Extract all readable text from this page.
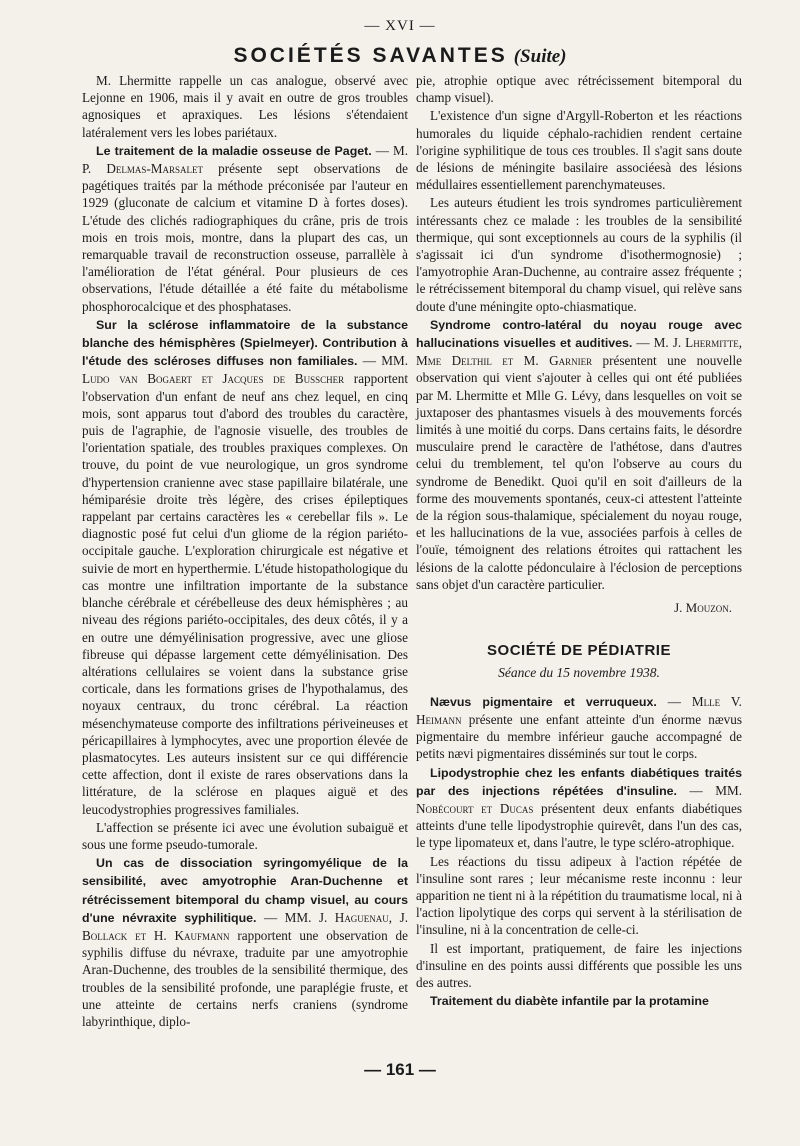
— XVI —
SOCIÉTÉS SAVANTES (Suite)

M. Lhermitte rappelle un cas analogue, observé avec Lejonne en 1906, mais il y avait en outre de gros troubles agnosiques et apraxiques. Les lésions s'étendaient latéralement vers les lobes pariétaux.

Le traitement de la maladie osseuse de Paget. — M. P. Delmas-Marsalet présente sept observations de pagétiques traités par la méthode préconisée par l'auteur en 1929 (gluconate de calcium et vitamine D à fortes doses). L'étude des clichés radiographiques du crâne, pris de trois mois en trois mois, montre, dans la plupart des cas, un remarquable travail de reconstruction osseuse, parrallèle à l'amélioration de l'état général. Pour plusieurs de ces observations, l'étude détaillée a été faite du métabolisme phosphorocalcique et des phosphatases.

Sur la sclérose inflammatoire de la substance blanche des hémisphères (Spielmeyer). Contribution à l'étude des scléroses diffuses non familiales. — MM. Ludo van Bogaert et Jacques de Busscher rapportent l'observation d'un enfant de neuf ans chez lequel, en cinq mois, sont apparus tout d'abord des troubles du caractère, puis de l'agraphie, de l'agnosie visuelle, des troubles de l'orientation spatiale, des troubles praxiques complexes. On trouve, du point de vue neurologique, un gros syndrome d'hypertension cranienne avec stase papillaire bilatérale, une hémiparésie droite très légère, des crises épileptiques rappelant par certains caractères les « cerebellar fils ». Le diagnostic posé fut celui d'un gliome de la région pariéto-occipitale gauche. L'exploration chirurgicale est négative et suivie de mort en hyperthermie. L'étude histopathologique du cas montre une infiltration importante de la substance blanche cérébrale et cérébelleuse des deux hémisphères ; au niveau des régions pariéto-occipitales, des deux côtés, il y a en outre une démyélinisation progressive, avec une gliose fibreuse qui dépasse largement cette démyélinisation. Des altérations cellulaires se voient dans la substance grise corticale, dans les formations grises de l'hypothalamus, des noyaux centraux, du tronc cérébral. La réaction mésenchymateuse comporte des infiltrations périveineuses et péricapillaires à lymphocytes, avec une proportion élevée de plasmatocytes. Les auteurs insistent sur ce qui différencie cette affection, dont il existe de rares observations dans la littérature, de la sclérose en plaques aiguë et des leucodystrophies progressives familiales.

L'affection se présente ici avec une évolution subaiguë et sous une forme pseudo-tumorale.

Un cas de dissociation syringomyélique de la sensibilité, avec amyotrophie Aran-Duchenne et rétrécissement bitemporal du champ visuel, au cours d'une névraxite syphilitique. — MM. J. Haguenau, J. Bollack et H. Kaufmann rapportent une observation de syphilis diffuse du névraxe, traduite par une amyotrophie Aran-Duchenne, des troubles de la sensibilité thermique, des troubles de la sensibilité profonde, une paraplégie fruste, et une atteinte de certains nerfs craniens (syndrome labyrinthique, diplo-

pie, atrophie optique avec rétrécissement bitemporal du champ visuel).

L'existence d'un signe d'Argyll-Roberton et les réactions humorales du liquide céphalo-rachidien rendent certaine l'origine syphilitique de tous ces troubles. Il s'agit sans doute de lésions de méningite basilaire associéesà des lésions médullaires essentiellement parenchymateuses.

Les auteurs étudient les trois syndromes particulièrement intéressants chez ce malade : les troubles de la sensibilité thermique, qui sont exceptionnels au cours de la syphilis (il s'agissait ici d'un syndrome d'isothermognosie) ; l'amyotrophie Aran-Duchenne, au contraire assez fréquente ; le rétrécissement bitemporal du champ visuel, qui relève sans doute d'une méningite opto-chiasmatique.

Syndrome contro-latéral du noyau rouge avec hallucinations visuelles et auditives. — M. J. Lhermitte, Mme Delthil et M. Garnier présentent une nouvelle observation qui vient s'ajouter à celles qui ont été publiées par M. Lhermitte et Mlle G. Lévy, dans lesquelles on voit se juxtaposer des phantasmes visuels à des mouvements forcés limités à une moitié du corps. Dans certains faits, le désordre musculaire prend le caractère de l'athétose, dans d'autres celui du tremblement, tel qu'on l'observe au cours du syndrome de Benedikt. Quoi qu'il en soit d'ailleurs de la forme des mouvements spontanés, ceux-ci attestent l'atteinte de la région sous-thalamique, spécialement du noyau rouge, et les hallucinations de la vue, associées parfois à celles de l'ouïe, témoignent des relations étroites qui rattachent les lésions de la calotte pédonculaire à l'éclosion de perceptions sans objet d'un caractère particulier.

J. Mouzon.
SOCIÉTÉ DE PÉDIATRIE
Séance du 15 novembre 1938.

Nævus pigmentaire et verruqueux. — Mlle V. Heimann présente une enfant atteinte d'un énorme nævus pigmentaire du membre inférieur gauche accompagné de petits nævi pigmentaires disséminés sur tout le corps.

Lipodystrophie chez les enfants diabétiques traités par des injections répétées d'insuline. — MM. Nobécourt et Ducas présentent deux enfants diabétiques atteints d'une telle lipodystrophie quirevêt, dans l'un des cas, le type lipomateux et, dans l'autre, le type scléro-atrophique.

Les réactions du tissu adipeux à l'action répétée de l'insuline sont rares ; leur mécanisme reste inconnu : leur apparition ne tient ni à la répétition du traumatisme local, ni à l'action lipolytique des corps qui servent à la stérilisation de l'insuline, ni à la concentration de celle-ci.

Il est important, pratiquement, de faire les injections d'insuline en des points aussi différents que possible les uns des autres.

Traitement du diabète infantile par la protamine

— 161 —
